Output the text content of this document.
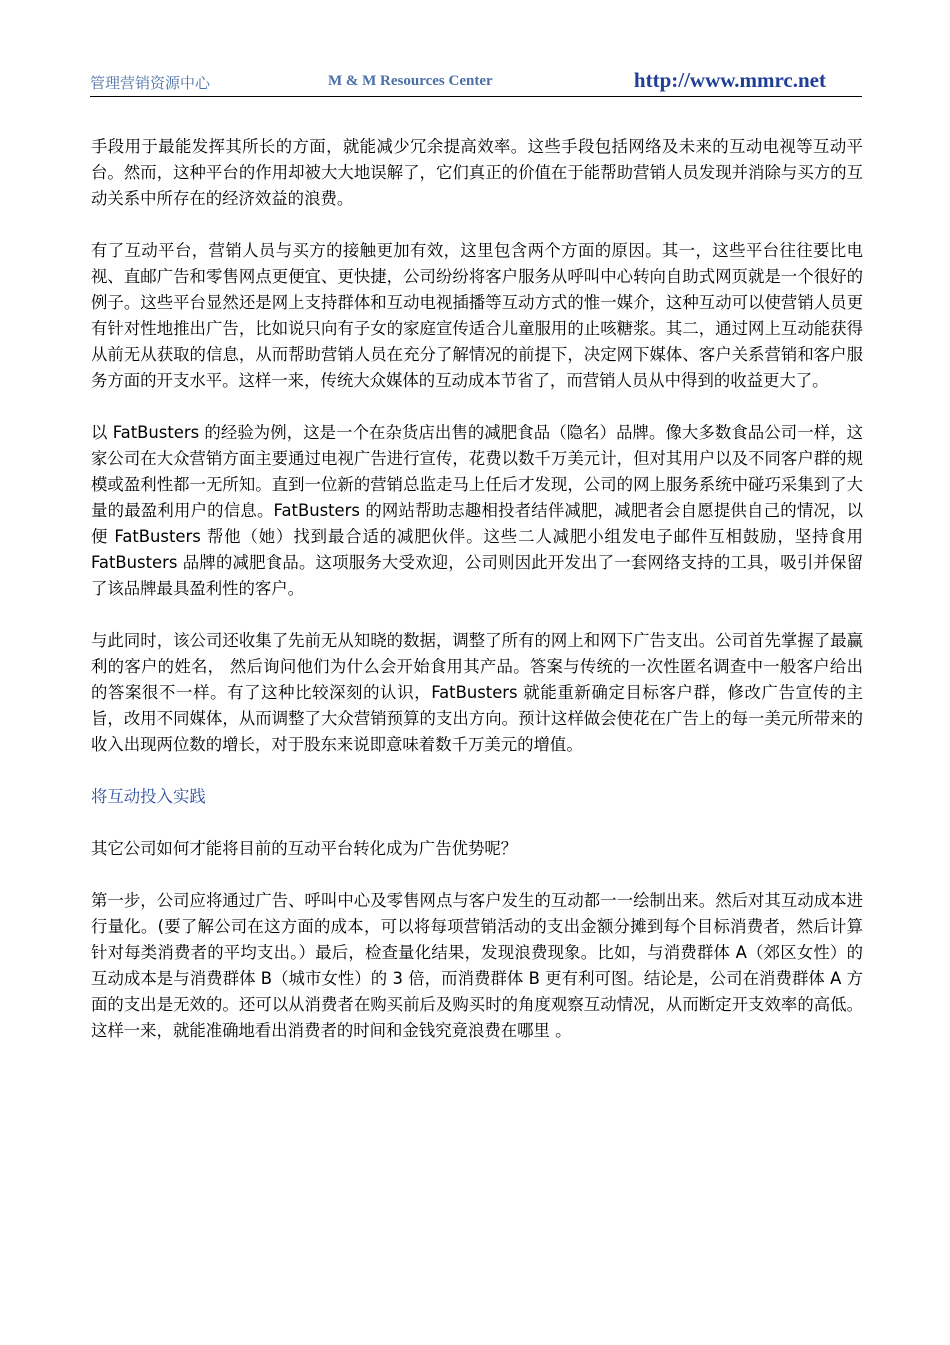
管理营销资源中心	M & M Resources Center	http://www.mmrc.net

手段用于最能发挥其所长的方面，就能减少冗余提高效率。这些手段包括网络及未来的互动电视等互动平台。然而，这种平台的作用却被大大地误解了，它们真正的价值在于能帮助营销人员发现并消除与买方的互动关系中所存在的经济效益的浪费。

有了互动平台，营销人员与买方的接触更加有效，这里包含两个方面的原因。其一，这些平台往往要比电视、直邮广告和零售网点更便宜、更快捷，公司纷纷将客户服务从呼叫中心转向自助式网页就是一个很好的例子。这些平台显然还是网上支持群体和互动电视插播等互动方式的惟一媒介，这种互动可以使营销人员更有针对性地推出广告，比如说只向有子女的家庭宣传适合儿童服用的止咳糖浆。其二，通过网上互动能获得从前无从获取的信息，从而帮助营销人员在充分了解情况的前提下，决定网下媒体、客户关系营销和客户服务方面的开支水平。这样一来，传统大众媒体的互动成本节省了，而营销人员从中得到的收益更大了。

以 FatBusters 的经验为例，这是一个在杂货店出售的减肥食品（隐名）品牌。像大多数食品公司一样，这家公司在大众营销方面主要通过电视广告进行宣传，花费以数千万美元计，但对其用户以及不同客户群的规模或盈利性都一无所知。直到一位新的营销总监走马上任后才发现，公司的网上服务系统中碰巧采集到了大量的最盈利用户的信息。FatBusters 的网站帮助志趣相投者结伴减肥，减肥者会自愿提供自己的情况，以便 FatBusters 帮他（她）找到最合适的减肥伙伴。这些二人减肥小组发电子邮件互相鼓励，坚持食用 FatBusters 品牌的减肥食品。这项服务大受欢迎，公司则因此开发出了一套网络支持的工具，吸引并保留了该品牌最具盈利性的客户。

与此同时，该公司还收集了先前无从知晓的数据，调整了所有的网上和网下广告支出。公司首先掌握了最赢利的客户的姓名， 然后询问他们为什么会开始食用其产品。答案与传统的一次性匿名调查中一般客户给出的答案很不一样。有了这种比较深刻的认识，FatBusters 就能重新确定目标客户群，修改广告宣传的主旨，改用不同媒体，从而调整了大众营销预算的支出方向。预计这样做会使花在广告上的每一美元所带来的收入出现两位数的增长，对于股东来说即意味着数千万美元的增值。

将互动投入实践

其它公司如何才能将目前的互动平台转化成为广告优势呢？

第一步，公司应将通过广告、呼叫中心及零售网点与客户发生的互动都一一绘制出来。然后对其互动成本进行量化。(要了解公司在这方面的成本，可以将每项营销活动的支出金额分摊到每个目标消费者，然后计算针对每类消费者的平均支出。）最后，检查量化结果，发现浪费现象。比如，与消费群体 A（郊区女性）的互动成本是与消费群体 B（城市女性）的 3 倍，而消费群体 B 更有利可图。结论是，公司在消费群体 A 方面的支出是无效的。还可以从消费者在购买前后及购买时的角度观察互动情况，从而断定开支效率的高低。这样一来，就能准确地看出消费者的时间和金钱究竟浪费在哪里 。
